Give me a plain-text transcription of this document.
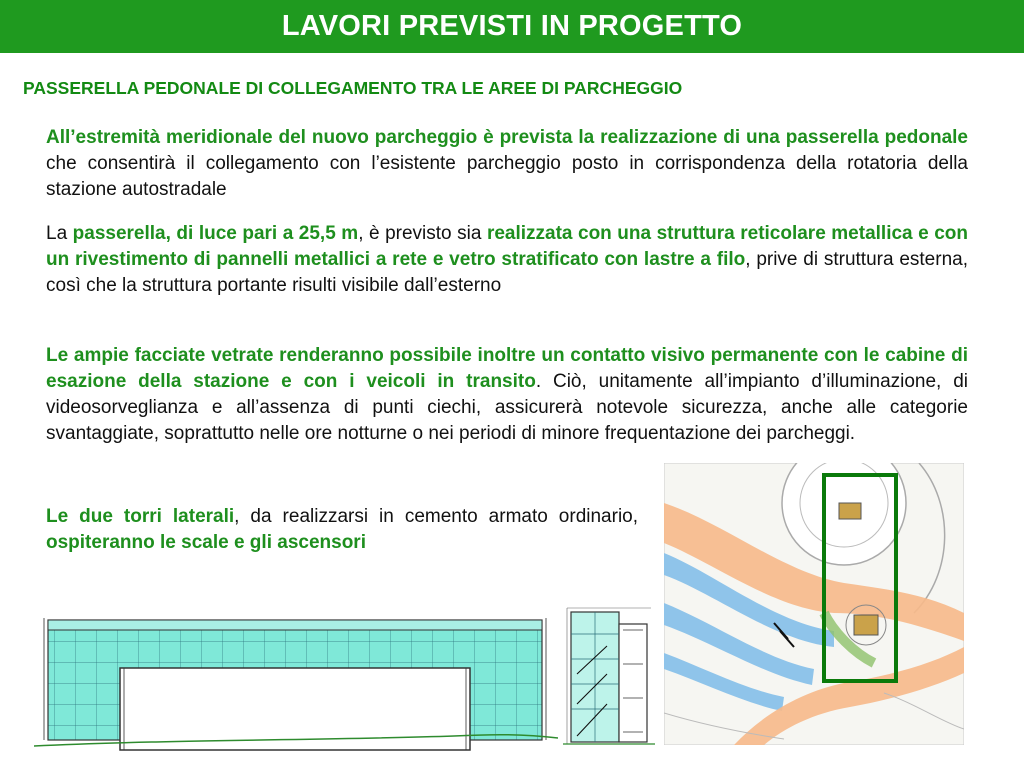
LAVORI PREVISTI IN PROGETTO
PASSERELLA PEDONALE DI COLLEGAMENTO TRA LE AREE DI PARCHEGGIO

All’estremità meridionale del nuovo parcheggio è prevista la realizzazione di una passerella pedonale che consentirà il collegamento con l’esistente parcheggio posto in corrispondenza della rotatoria della stazione autostradale

La passerella, di luce pari a 25,5 m, è previsto sia realizzata con una struttura reticolare metallica e con un rivestimento di pannelli metallici a rete e vetro stratificato con lastre a filo, prive di struttura esterna, così che la struttura portante risulti visibile dall’esterno

Le ampie facciate vetrate renderanno possibile inoltre un contatto visivo permanente con le cabine di esazione della stazione e con i veicoli in transito. Ciò, unitamente all’impianto d’illuminazione, di videosorveglianza e all’assenza di punti ciechi, assicurerà notevole sicurezza, anche alle categorie svantaggiate, soprattutto nelle ore notturne o nei periodi di minore frequentazione dei parcheggi.

Le due torri laterali, da realizzarsi in cemento armato ordinario, ospiteranno le scale e gli ascensori
